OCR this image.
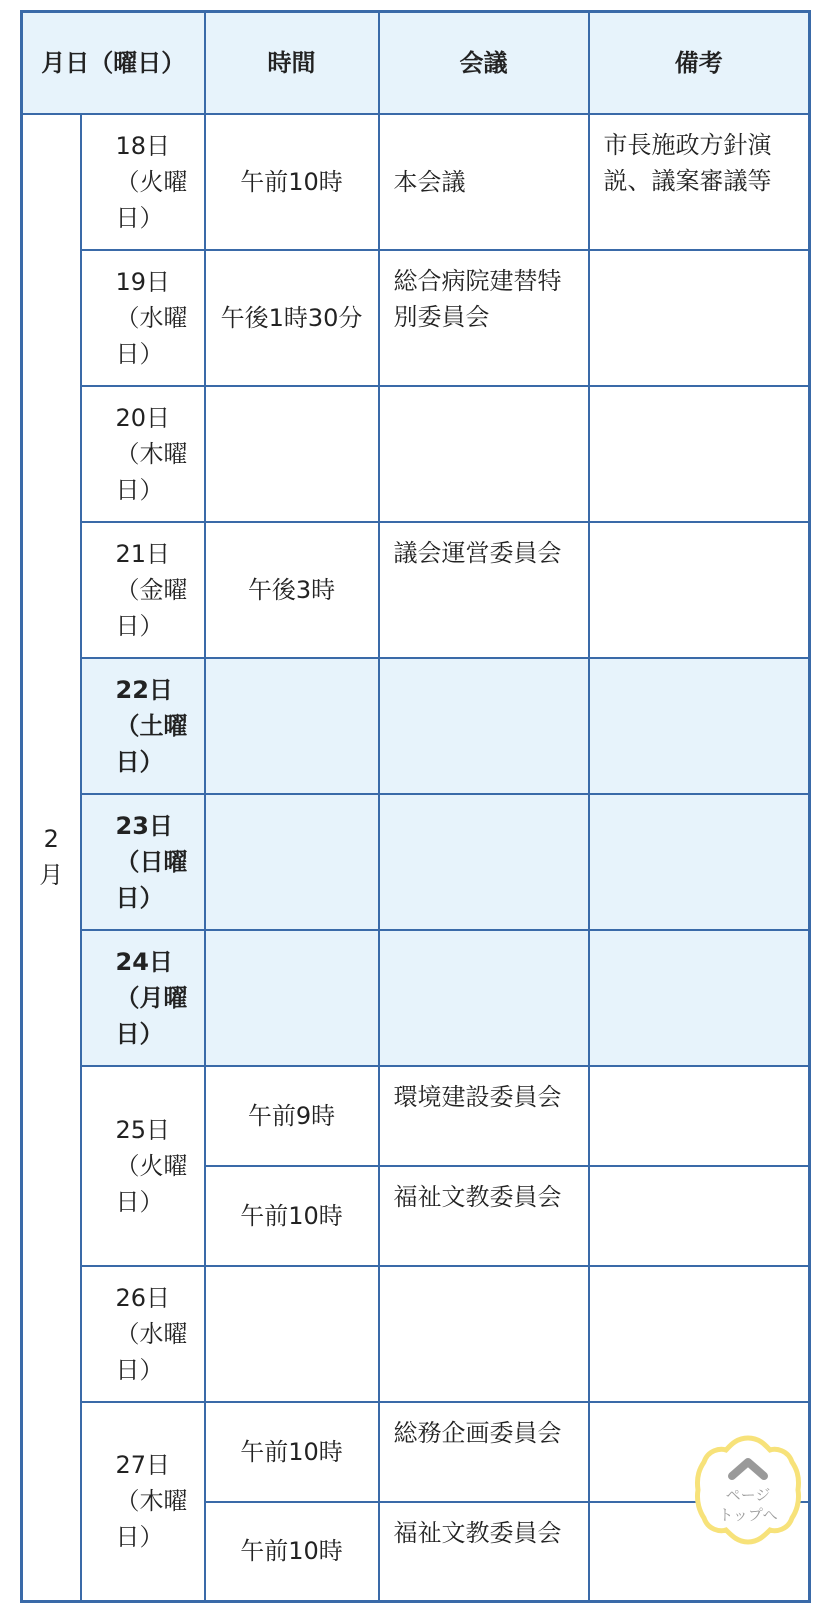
月日（曜日）		時間	会議	備考
2月	18日（火曜日）	午前10時	本会議	市長施政方針演説、議案審議等

	19日（水曜日）	午後1時30分	総合病院建替特別委員会	

	20日（木曜日）			
	21日（金曜日）	午後3時	議会運営委員会	

	22日（土曜日）			
	23日（日曜日）			
	24日（月曜日）			
	25日（火曜日）	午前9時	環境建設委員会	

		午前10時	福祉文教委員会	

	26日（水曜日）			
	27日（木曜日）	午前10時	総務企画委員会	

		午前10時	福祉文教委員会	

ページ
トップへ
